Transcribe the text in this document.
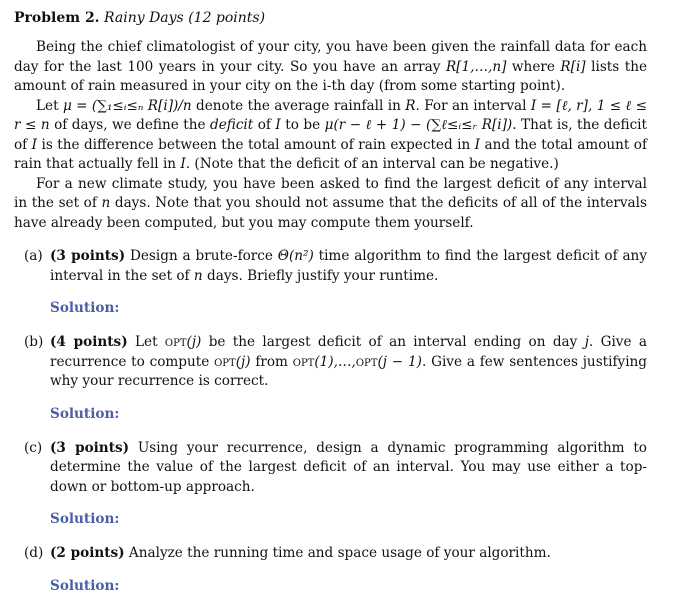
Problem 2. Rainy Days (12 points)

Being the chief climatologist of your city, you have been given the rainfall data for each day for the last 100 years in your city. So you have an array R[1,…,n] where R[i] lists the amount of rain measured in your city on the i-th day (from some starting point).

Let μ = (∑₁≤ᵢ≤ₙ R[i])/n denote the average rainfall in R. For an interval I = [ℓ, r], 1 ≤ ℓ ≤ r ≤ n of days, we define the deficit of I to be μ(r − ℓ + 1) − (∑ℓ≤ᵢ≤ᵣ R[i]). That is, the deficit of I is the difference between the total amount of rain expected in I and the total amount of rain that actually fell in I. (Note that the deficit of an interval can be negative.)

For a new climate study, you have been asked to find the largest deficit of any interval in the set of n days. Note that you should not assume that the deficits of all of the intervals have already been computed, but you may compute them yourself.

(a) (3 points) Design a brute-force Θ(n²) time algorithm to find the largest deficit of any interval in the set of n days. Briefly justify your runtime.
Solution:
(b) (4 points) Let opt(j) be the largest deficit of an interval ending on day j. Give a recurrence to compute opt(j) from opt(1),…,opt(j − 1). Give a few sentences justifying why your recurrence is correct.
Solution:
(c) (3 points) Using your recurrence, design a dynamic programming algorithm to determine the value of the largest deficit of an interval. You may use either a top-down or bottom-up approach.
Solution:
(d) (2 points) Analyze the running time and space usage of your algorithm.
Solution:
